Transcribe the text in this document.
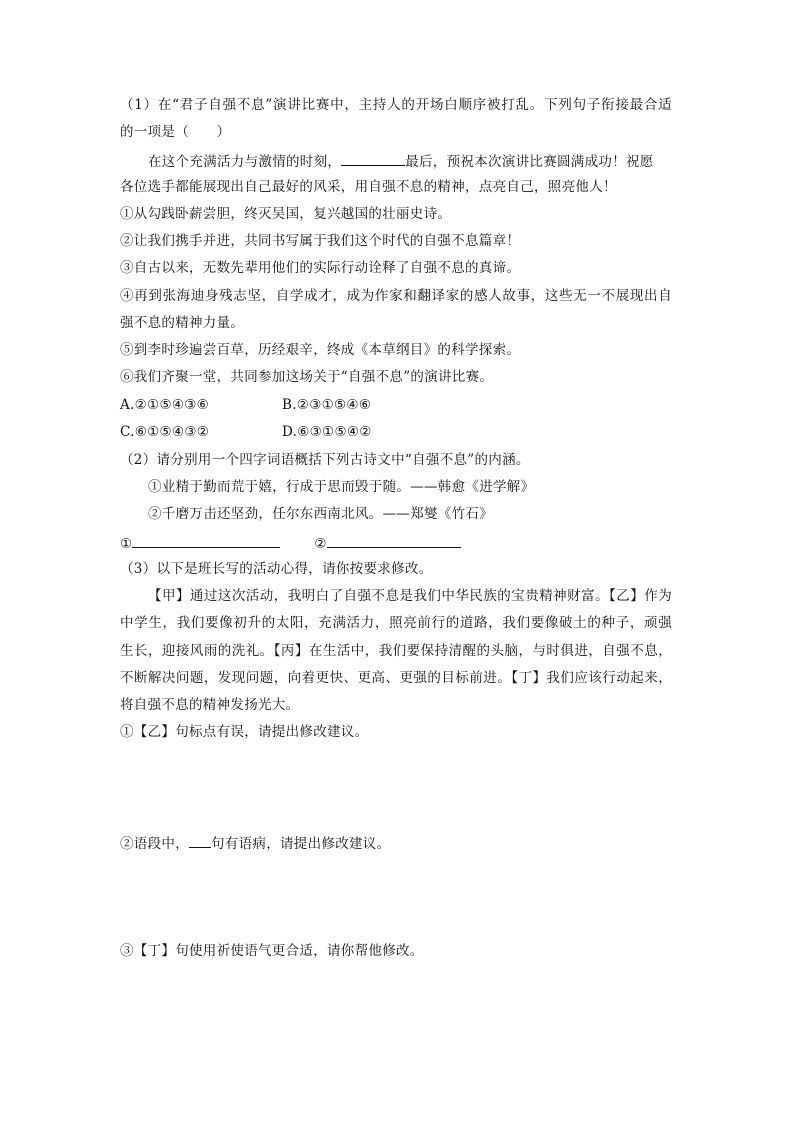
（1）在“君子自强不息”演讲比赛中，主持人的开场白顺序被打乱。下列句子衔接最合适
的一项是（　　）
在这个充满活力与激情的时刻，	最后，预祝本次演讲比赛圆满成功！祝愿
各位选手都能展现出自己最好的风采，用自强不息的精神，点亮自己，照亮他人！
①从勾践卧薪尝胆，终灭吴国，复兴越国的壮丽史诗。
②让我们携手并进，共同书写属于我们这个时代的自强不息篇章！
③自古以来，无数先辈用他们的实际行动诠释了自强不息的真谛。
④再到张海迪身残志坚，自学成才，成为作家和翻译家的感人故事，这些无一不展现出自
强不息的精神力量。
⑤到李时珍遍尝百草，历经艰辛，终成《本草纲目》的科学探索。
⑥我们齐聚一堂，共同参加这场关于“自强不息”的演讲比赛。
A.②①⑤④③⑥	B.②③①⑤④⑥
C.⑥①⑤④③②	D.⑥③①⑤④②
（2）请分别用一个四字词语概括下列古诗文中“自强不息”的内涵。
①业精于勤而荒于嬉，行成于思而毁于随。——韩愈《进学解》
②千磨万击还坚劲，任尔东西南北风。——郑燮《竹石》
①	②
（3）以下是班长写的活动心得，请你按要求修改。
【甲】通过这次活动，我明白了自强不息是我们中华民族的宝贵精神财富。【乙】作为
中学生，我们要像初升的太阳，充满活力，照亮前行的道路，我们要像破土的种子，顽强
生长，迎接风雨的洗礼。【丙】在生活中，我们要保持清醒的头脑，与时俱进，自强不息，
不断解决问题，发现问题，向着更快、更高、更强的目标前进。【丁】我们应该行动起来，
将自强不息的精神发扬光大。
①【乙】句标点有误，请提出修改建议。
②语段中， 句有语病，请提出修改建议。
③【丁】句使用祈使语气更合适，请你帮他修改。
